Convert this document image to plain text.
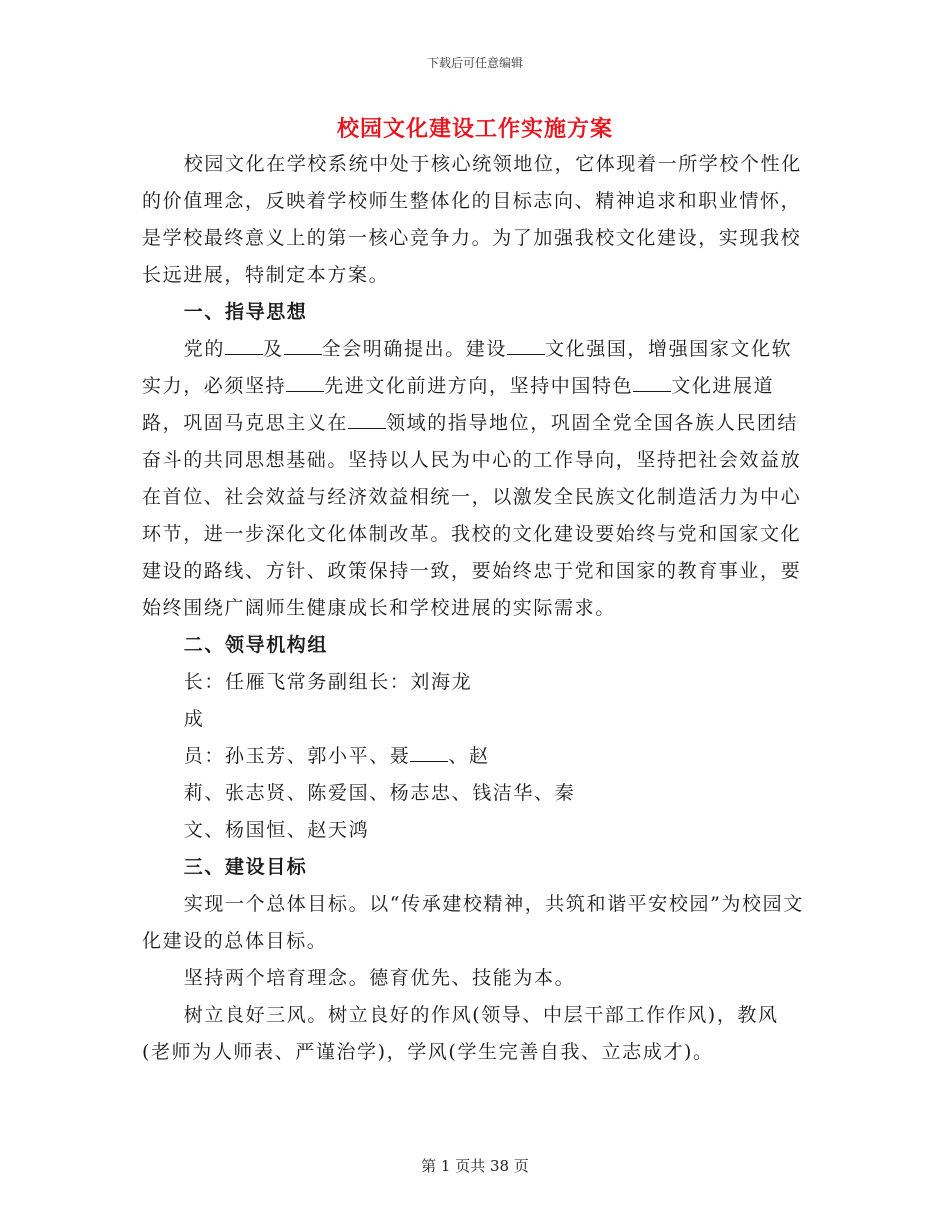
下载后可任意编辑
校园文化建设工作实施方案

校园文化在学校系统中处于核心统领地位，它体现着一所学校个性化的价值理念，反映着学校师生整体化的目标志向、精神追求和职业情怀，是学校最终意义上的第一核心竞争力。为了加强我校文化建设，实现我校长远进展，特制定本方案。

一、指导思想

党的 及 全会明确提出。建设 文化强国，增强国家文化软实力，必须坚持 先进文化前进方向，坚持中国特色 文化进展道路，巩固马克思主义在 领域的指导地位，巩固全党全国各族人民团结奋斗的共同思想基础。坚持以人民为中心的工作导向，坚持把社会效益放在首位、社会效益与经济效益相统一，以激发全民族文化制造活力为中心环节，进一步深化文化体制改革。我校的文化建设要始终与党和国家文化建设的路线、方针、政策保持一致，要始终忠于党和国家的教育事业，要始终围绕广阔师生健康成长和学校进展的实际需求。

二、领导机构组

长：任雁飞常务副组长：刘海龙

成

员：孙玉芳、郭小平、聂 、赵

莉、张志贤、陈爱国、杨志忠、钱洁华、秦

文、杨国恒、赵天鸿

三、建设目标

实现一个总体目标。以“传承建校精神，共筑和谐平安校园”为校园文化建设的总体目标。

坚持两个培育理念。德育优先、技能为本。

树立良好三风。树立良好的作风(领导、中层干部工作作风)，教风(老师为人师表、严谨治学)，学风(学生完善自我、立志成才)。

第 1 页共 38 页
